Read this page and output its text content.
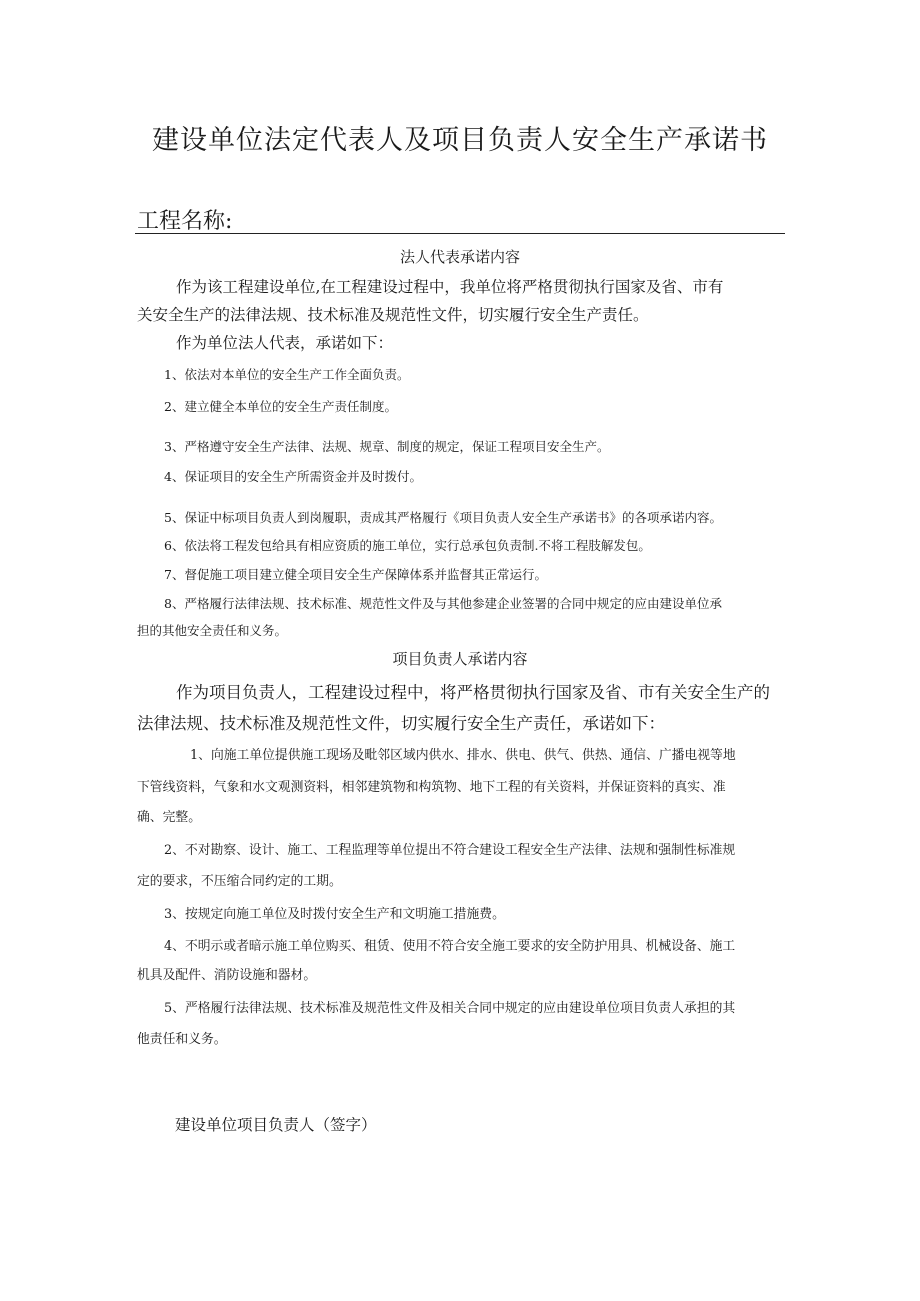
建设单位法定代表人及项目负责人安全生产承诺书
工程名称:
法人代表承诺内容
作为该工程建设单位,在工程建设过程中，我单位将严格贯彻执行国家及省、市有
关安全生产的法律法规、技术标准及规范性文件，切实履行安全生产责任。
作为单位法人代表，承诺如下：
1、依法对本单位的安全生产工作全面负责。
2、建立健全本单位的安全生产责任制度。
3、严格遵守安全生产法律、法规、规章、制度的规定，保证工程项目安全生产。
4、保证项目的安全生产所需资金并及时拨付。
5、保证中标项目负责人到岗履职，责成其严格履行《项目负责人安全生产承诺书》的各项承诺内容。
6、依法将工程发包给具有相应资质的施工单位，实行总承包负责制.不将工程肢解发包。
7、督促施工项目建立健全项目安全生产保障体系并监督其正常运行。
8、严格履行法律法规、技术标准、规范性文件及与其他参建企业签署的合同中规定的应由建设单位承
担的其他安全责任和义务。
项目负责人承诺内容
作为项目负责人，工程建设过程中，将严格贯彻执行国家及省、市有关安全生产的
法律法规、技术标准及规范性文件，切实履行安全生产责任，承诺如下：
1、向施工单位提供施工现场及毗邻区域内供水、排水、供电、供气、供热、通信、广播电视等地
下管线资料，气象和水文观测资料，相邻建筑物和构筑物、地下工程的有关资料，并保证资料的真实、准
确、完整。
2、不对勘察、设计、施工、工程监理等单位提出不符合建设工程安全生产法律、法规和强制性标准规
定的要求，不压缩合同约定的工期。
3、按规定向施工单位及时拨付安全生产和文明施工措施费。
4、不明示或者暗示施工单位购买、租赁、使用不符合安全施工要求的安全防护用具、机械设备、施工
机具及配件、消防设施和器材。
5、严格履行法律法规、技术标准及规范性文件及相关合同中规定的应由建设单位项目负责人承担的其
他责任和义务。
建设单位项目负责人（签字）
